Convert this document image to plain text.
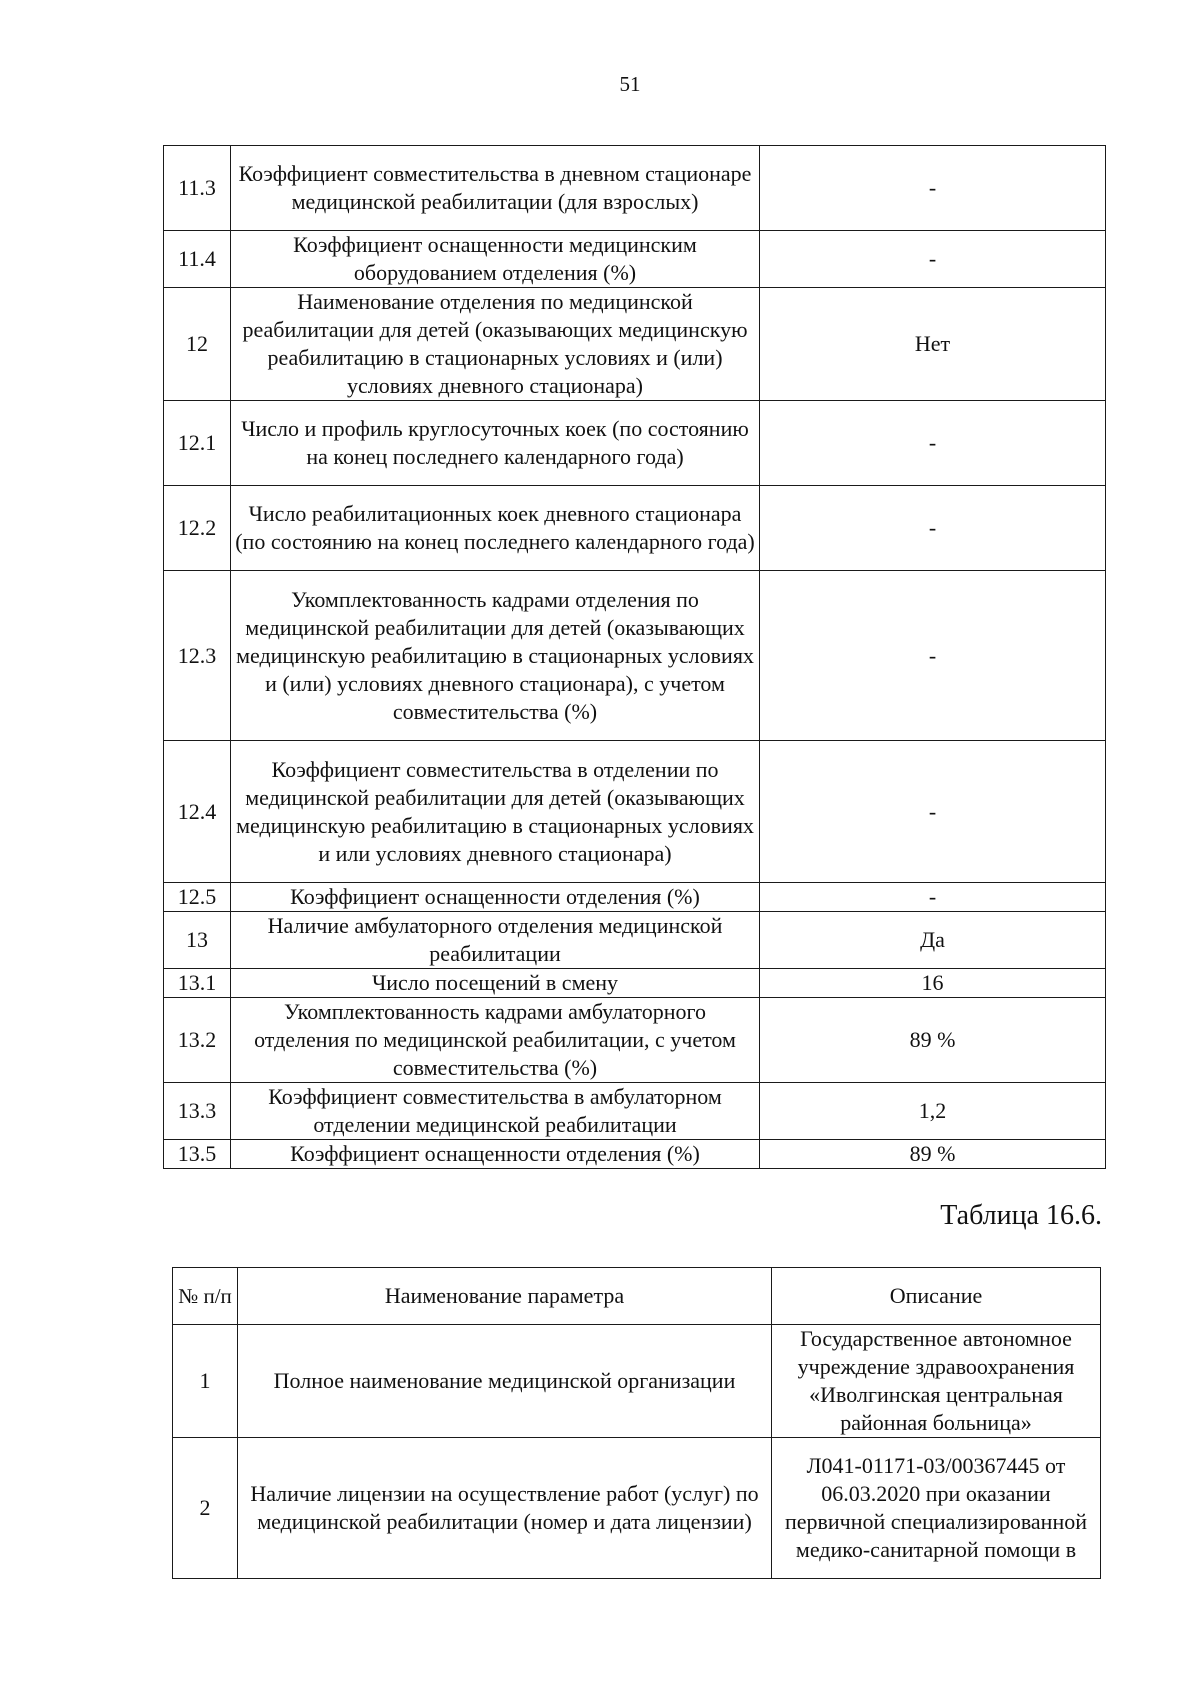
51
11.3	Коэффициент совместительства в дневном стационаре медицинской реабилитации (для взрослых)	-
11.4	Коэффициент оснащенности медицинским оборудованием отделения (%)	-
12	Наименование отделения по медицинской реабилитации для детей (оказывающих медицинскую реабилитацию в стационарных условиях и (или) условиях дневного стационара)	Нет
12.1	Число и профиль круглосуточных коек (по состоянию на конец последнего календарного года)	-
12.2	Число реабилитационных коек дневного стационара (по состоянию на конец последнего календарного года)	-
12.3	Укомплектованность кадрами отделения по медицинской реабилитации для детей (оказывающих медицинскую реабилитацию в стационарных условиях и (или) условиях дневного стационара), с учетом совместительства (%)	-
12.4	Коэффициент совместительства в отделении по медицинской реабилитации для детей (оказывающих медицинскую реабилитацию в стационарных условиях и или условиях дневного стационара)	-
12.5	Коэффициент оснащенности отделения (%)	-
13	Наличие амбулаторного отделения медицинской реабилитации	Да
13.1	Число посещений в смену	16
13.2	Укомплектованность кадрами амбулаторного отделения по медицинской реабилитации, с учетом совместительства (%)	89 %
13.3	Коэффициент совместительства в амбулаторном отделении медицинской реабилитации	1,2
13.5	Коэффициент оснащенности отделения (%)	89 %
Таблица 16.6.
№ п/п	Наименование параметра	Описание
1	Полное наименование медицинской организации	Государственное автономное учреждение здравоохранения «Иволгинская центральная районная больница»
2	Наличие лицензии на осуществление работ (услуг) по медицинской реабилитации (номер и дата лицензии)	Л041-01171-03/00367445 от 06.03.2020 при оказании первичной специализированной медико-санитарной помощи в
